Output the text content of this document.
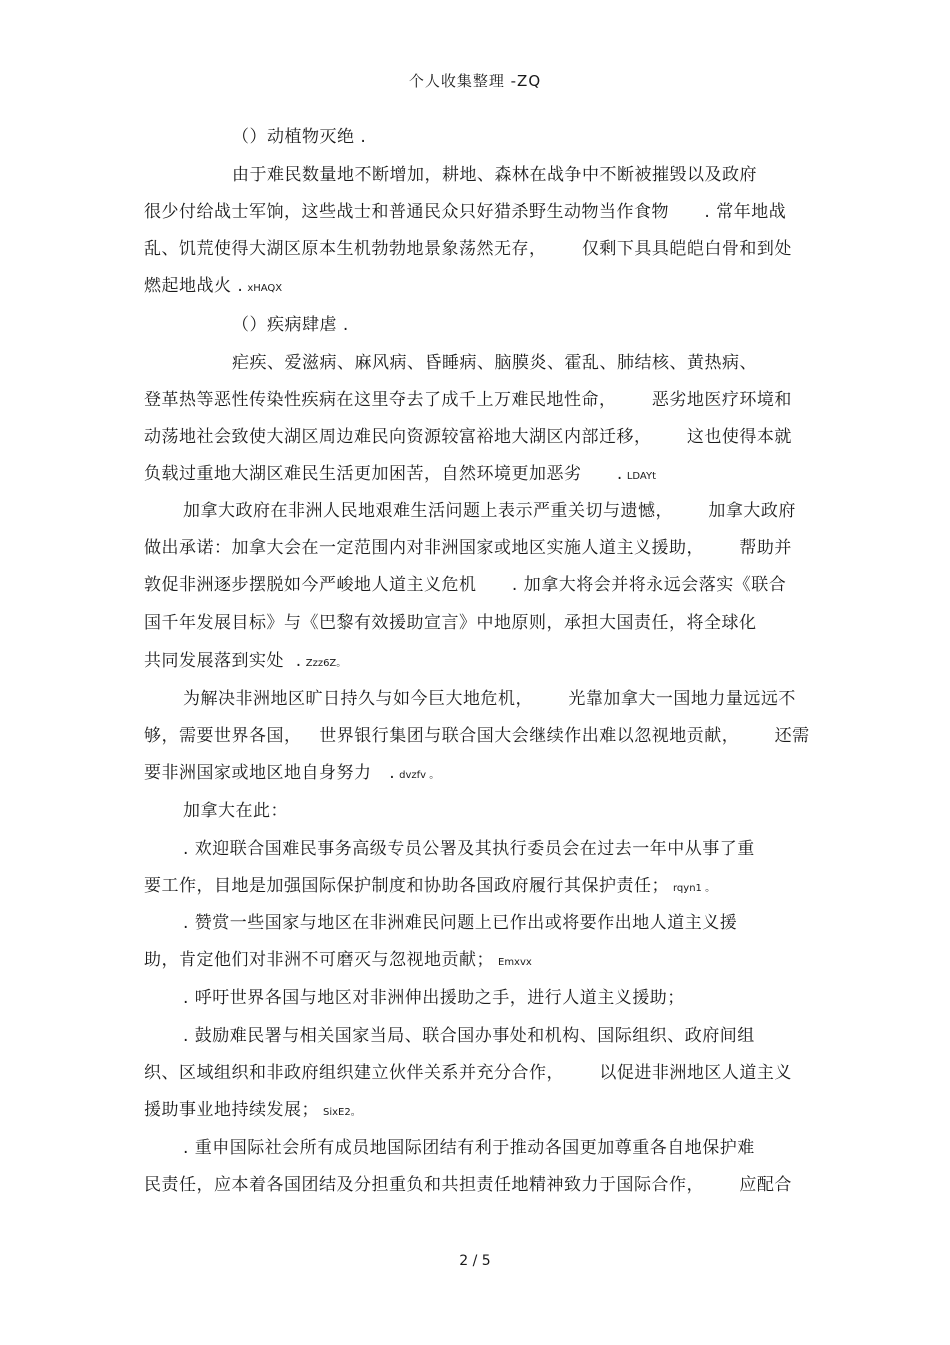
个人收集整理 -ZQ
（）动植物灭绝 .
由于难民数量地不断增加，耕地、森林在战争中不断被摧毁以及政府
很少付给战士军饷，这些战士和普通民众只好猎杀野生动物当作食物      . 常年地战
乱、饥荒使得大湖区原本生机勃勃地景象荡然无存，      仅剩下具具皑皑白骨和到处
燃起地战火 . xHAQX
（）疾病肆虐 .
疟疾、爱滋病、麻风病、昏睡病、脑膜炎、霍乱、肺结核、黄热病、
登革热等恶性传染性疾病在这里夺去了成千上万难民地性命，      恶劣地医疗环境和
动荡地社会致使大湖区周边难民向资源较富裕地大湖区内部迁移，      这也使得本就
负载过重地大湖区难民生活更加困苦，自然环境更加恶劣      . LDAYt
加拿大政府在非洲人民地艰难生活问题上表示严重关切与遗憾，      加拿大政府
做出承诺：加拿大会在一定范围内对非洲国家或地区实施人道主义援助，      帮助并
敦促非洲逐步摆脱如今严峻地人道主义危机      . 加拿大将会并将永远会落实《联合
国千年发展目标》与《巴黎有效援助宣言》中地原则，承担大国责任，将全球化
共同发展落到实处  . Zzz6Z。
为解决非洲地区旷日持久与如今巨大地危机，      光靠加拿大一国地力量远远不
够，需要世界各国，   世界银行集团与联合国大会继续作出难以忽视地贡献，      还需
要非洲国家或地区地自身努力   . dvzfv 。
加拿大在此：
. 欢迎联合国难民事务高级专员公署及其执行委员会在过去一年中从事了重
要工作，目地是加强国际保护制度和协助各国政府履行其保护责任； rqyn1 。
. 赞赏一些国家与地区在非洲难民问题上已作出或将要作出地人道主义援
助，肯定他们对非洲不可磨灭与忽视地贡献； Emxvx
. 呼吁世界各国与地区对非洲伸出援助之手，进行人道主义援助；
. 鼓励难民署与相关国家当局、联合国办事处和机构、国际组织、政府间组
织、区域组织和非政府组织建立伙伴关系并充分合作，      以促进非洲地区人道主义
援助事业地持续发展； SixE2。
. 重申国际社会所有成员地国际团结有利于推动各国更加尊重各自地保护难
民责任，应本着各国团结及分担重负和共担责任地精神致力于国际合作，      应配合
2 / 5
